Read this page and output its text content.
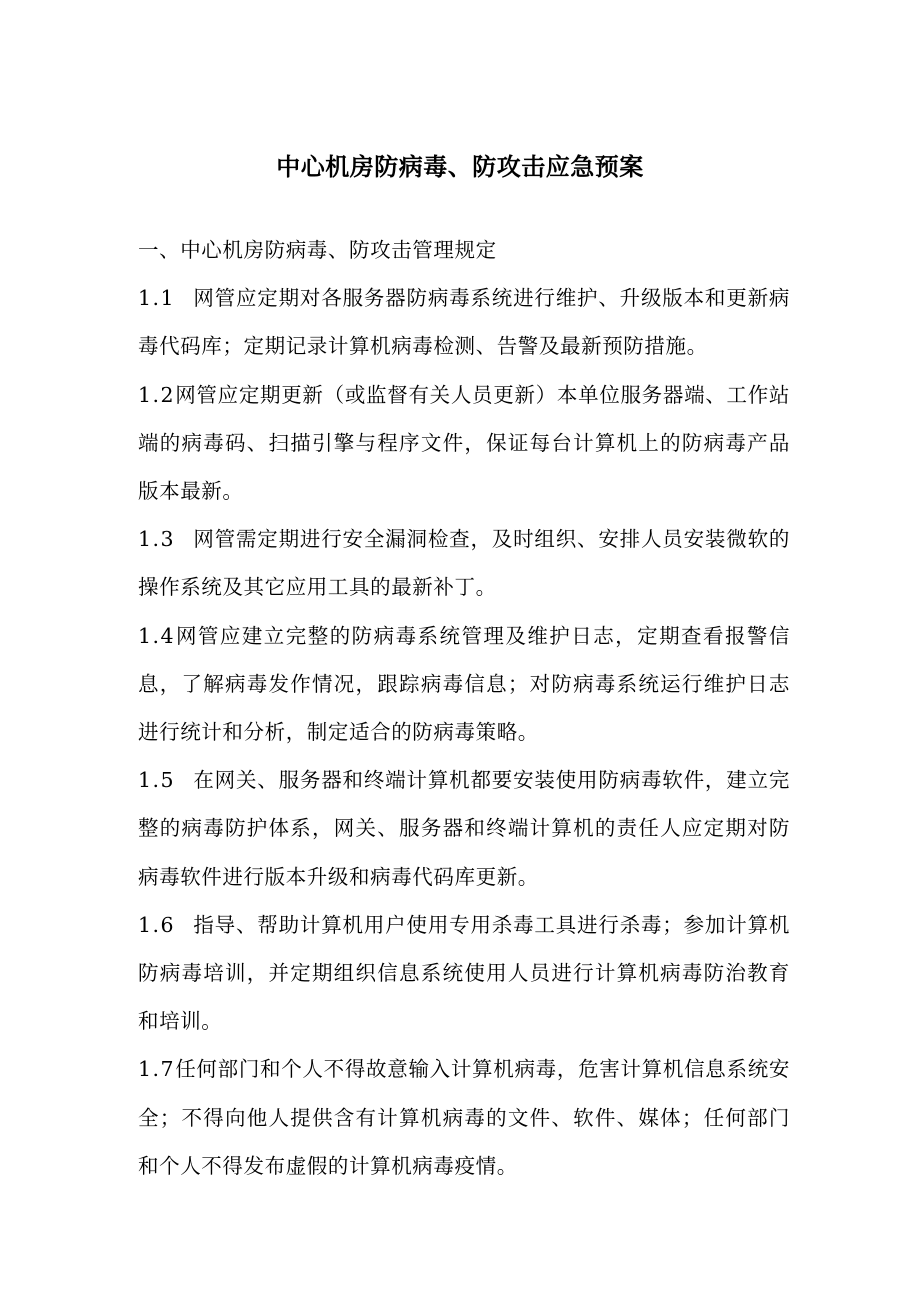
中心机房防病毒、防攻击应急预案

一、中心机房防病毒、防攻击管理规定

1.1 网管应定期对各服务器防病毒系统进行维护、升级版本和更新病毒代码库；定期记录计算机病毒检测、告警及最新预防措施。

1.2网管应定期更新（或监督有关人员更新）本单位服务器端、工作站端的病毒码、扫描引擎与程序文件，保证每台计算机上的防病毒产品版本最新。

1.3 网管需定期进行安全漏洞检查，及时组织、安排人员安装微软的操作系统及其它应用工具的最新补丁。

1.4网管应建立完整的防病毒系统管理及维护日志，定期查看报警信息，了解病毒发作情况，跟踪病毒信息；对防病毒系统运行维护日志进行统计和分析，制定适合的防病毒策略。

1.5 在网关、服务器和终端计算机都要安装使用防病毒软件，建立完整的病毒防护体系，网关、服务器和终端计算机的责任人应定期对防病毒软件进行版本升级和病毒代码库更新。

1.6 指导、帮助计算机用户使用专用杀毒工具进行杀毒；参加计算机防病毒培训，并定期组织信息系统使用人员进行计算机病毒防治教育和培训。

1.7任何部门和个人不得故意输入计算机病毒，危害计算机信息系统安全；不得向他人提供含有计算机病毒的文件、软件、媒体；任何部门和个人不得发布虚假的计算机病毒疫情。
